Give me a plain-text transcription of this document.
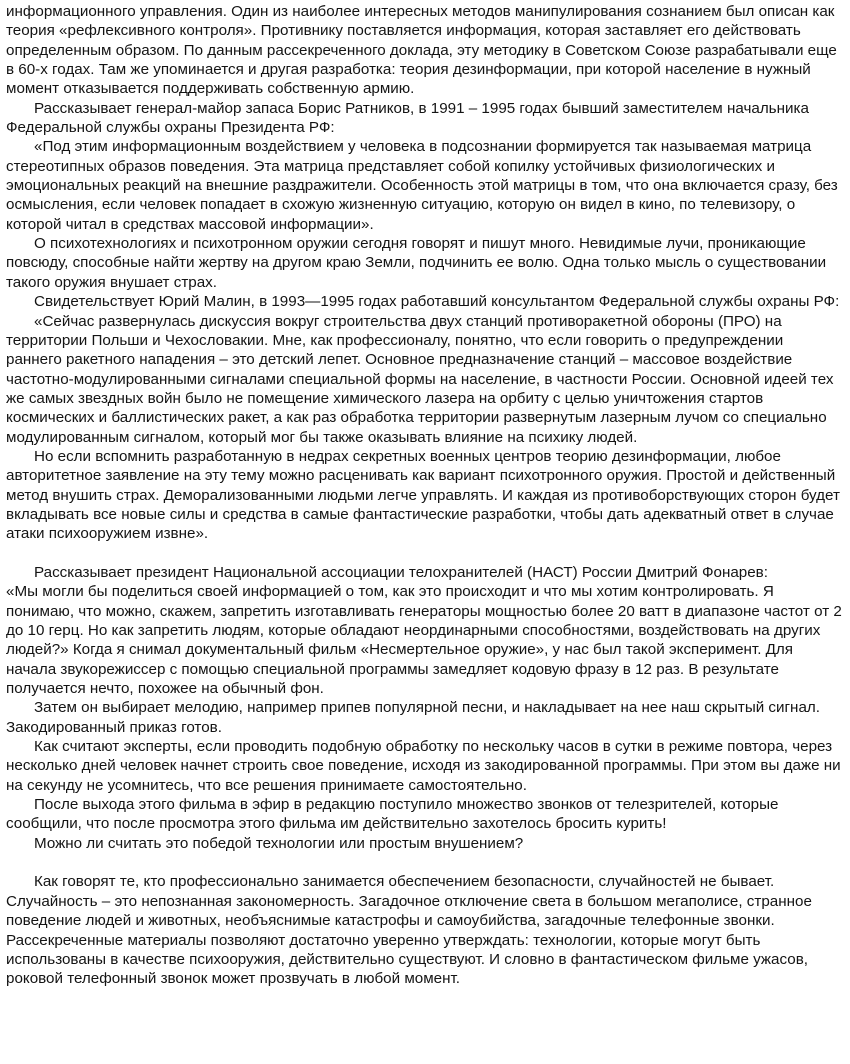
информационного управления. Один из наиболее интересных методов манипулирования сознанием был описан как теория «рефлексивного контроля». Противнику поставляется информация, которая заставляет его действовать определенным образом. По данным рассекреченного доклада, эту методику в Советском Союзе разрабатывали еще в 60-х годах. Там же упоминается и другая разработка: теория дезинформации, при которой население в нужный момент отказывается поддерживать собственную армию.

Рассказывает генерал-майор запаса Борис Ратников, в 1991 – 1995 годах бывший заместителем начальника Федеральной службы охраны Президента РФ:

«Под этим информационным воздействием у человека в подсознании формируется так называемая матрица стереотипных образов поведения. Эта матрица представляет собой копилку устойчивых физиологических и эмоциональных реакций на внешние раздражители. Особенность этой матрицы в том, что она включается сразу, без осмысления, если человек попадает в схожую жизненную ситуацию, которую он видел в кино, по телевизору, о которой читал в средствах массовой информации».

О психотехнологиях и психотронном оружии сегодня говорят и пишут много. Невидимые лучи, проникающие повсюду, способные найти жертву на другом краю Земли, подчинить ее волю. Одна только мысль о существовании такого оружия внушает страх.

Свидетельствует Юрий Малин, в 1993—1995 годах работавший консультантом Федеральной службы охраны РФ:

«Сейчас развернулась дискуссия вокруг строительства двух станций противоракетной обороны (ПРО) на территории Польши и Чехословакии. Мне, как профессионалу, понятно, что если говорить о предупреждении раннего ракетного нападения – это детский лепет. Основное предназначение станций – массовое воздействие частотно-модулированными сигналами специальной формы на население, в частности России. Основной идеей тех же самых звездных войн было не помещение химического лазера на орбиту с целью уничтожения стартов космических и баллистических ракет, а как раз обработка территории развернутым лазерным лучом со специально модулированным сигналом, который мог бы также оказывать влияние на психику людей.

Но если вспомнить разработанную в недрах секретных военных центров теорию дезинформации, любое авторитетное заявление на эту тему можно расценивать как вариант психотронного оружия. Простой и действенный метод внушить страх. Деморализованными людьми легче управлять. И каждая из противоборствующих сторон будет вкладывать все новые силы и средства в самые фантастические разработки, чтобы дать адекватный ответ в случае атаки психооружием извне».

Рассказывает президент Национальной ассоциации телохранителей (НАСТ) России Дмитрий Фонарев:

«Мы могли бы поделиться своей информацией о том, как это происходит и что мы хотим контролировать. Я понимаю, что можно, скажем, запретить изготавливать генераторы мощностью более 20 ватт в диапазоне частот от 2 до 10 герц. Но как запретить людям, которые обладают неординарными способностями, воздействовать на других людей?» Когда я снимал документальный фильм «Несмертельное оружие», у нас был такой эксперимент. Для начала звукорежиссер с помощью специальной программы замедляет кодовую фразу в 12 раз. В результате получается нечто, похожее на обычный фон.

Затем он выбирает мелодию, например припев популярной песни, и накладывает на нее наш скрытый сигнал. Закодированный приказ готов.

Как считают эксперты, если проводить подобную обработку по нескольку часов в сутки в режиме повтора, через несколько дней человек начнет строить свое поведение, исходя из закодированной программы. При этом вы даже ни на секунду не усомнитесь, что все решения принимаете самостоятельно.

После выхода этого фильма в эфир в редакцию поступило множество звонков от телезрителей, которые сообщили, что после просмотра этого фильма им действительно захотелось бросить курить!

Можно ли считать это победой технологии или простым внушением?

Как говорят те, кто профессионально занимается обеспечением безопасности, случайностей не бывает. Случайность – это непознанная закономерность. Загадочное отключение света в большом мегаполисе, странное поведение людей и животных, необъяснимые катастрофы и самоубийства, загадочные телефонные звонки. Рассекреченные материалы позволяют достаточно уверенно утверждать: технологии, которые могут быть использованы в качестве психооружия, действительно существуют. И словно в фантастическом фильме ужасов, роковой телефонный звонок может прозвучать в любой момент.
